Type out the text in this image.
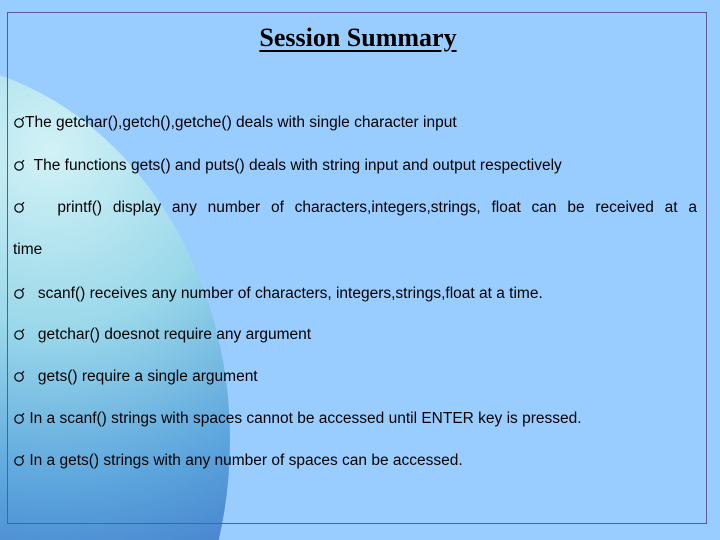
Session Summary
The getchar(),getch(),getche() deals with single character input
The functions gets() and puts() deals with string input and output respectively
printf() display any number of characters,integers,strings, float can be received at a
time
scanf() receives any number of characters, integers,strings,float at a time.
getchar() doesnot require any argument
gets() require a single argument
In a scanf() strings with spaces cannot be accessed until ENTER key is pressed.
In a gets() strings with any number of spaces can be accessed.
